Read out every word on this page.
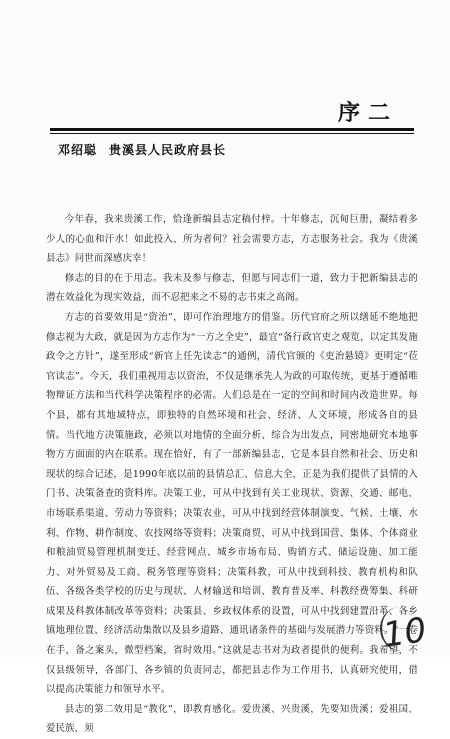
序二
邓绍聪 贵溪县人民政府县长

今年春，我来贵溪工作，恰逢新编县志定稿付梓。十年修志，沉甸巨册，凝结着多少人的心血和汗水！如此投入，所为者何？社会需要方志，方志服务社会。我为《贵溪县志》问世而深感庆幸！

修志的目的在于用志。我未及参与修志，但愿与同志们一道，致力于把新编县志的潜在效益化为现实效益，而不忍把来之不易的志书束之高阁。

方志的首要效用是“资治”，即可作治理地方的借鉴。历代官府之所以缮延不绝地把修志视为大政，就是因为方志作为“一方之全史”，最宜“备行政官吏之观览，以定其发施政令之方针”，遂至形成“新官上任先读志”的通例，清代官颁的《吏治悬镜》更明定“莅官读志”。今天，我们重视用志以资治，不仅是继承先人为政的可取传统，更基于遵循唯物辩证方法和当代科学决策程序的必需。人们总是在一定的空间和时间内改造世界。每个县，都有其地域特点，即独特的自然环境和社会、经济、人文环境，形成各自的县情。当代地方决策施政，必须以对地情的全面分析、综合为出发点，同密地研究本地事物方方面面的内在联系。现在恰好，有了一部新编县志，它是本县自然和社会、历史和现状的综合记述，是1990年底以前的县情总汇、信息大全，正是为我们提供了县情的入门书、决策备查的资料库。决策工业，可从中找到有关工业现状、资源、交通、邮电、市场联系渠道、劳动力等资料；决策农业，可从中找到经营体制演变、气候、土壤、水利、作物、耕作制度、农技网络等资料；决策商贸，可从中找到国营、集体、个体商业和粮油贸易管理机制变迁、经营网点、城乡市场布局、购销方式、储运设施、加工能力、对外贸易及工商、税务管理等资料；决策科教，可从中找到科技、教育机构和队伍、各级各类学校的历史与现状、人材输送和培训、教育普及率、科教经费筹集、科研成果及科教体制改革等资料；决策县、乡政权体系的设置，可从中找到建置沿革、各乡镇地理位置、经济活动集散以及县乡道路、通讯诸条件的基础与发展潜力等资料。“一卷在手，备之案头，微型档案，省时效用。”这就是志书对为政者提供的便利。我希望，不仅县级领导，各部门、各乡镇的负责同志，都把县志作为工作用书，认真研究使用，借以提高决策能力和领导水平。

县志的第二效用是“教化”，即教育感化。爱贵溪、兴贵溪，先要知贵溪；爱祖国、爱民族，须

10
